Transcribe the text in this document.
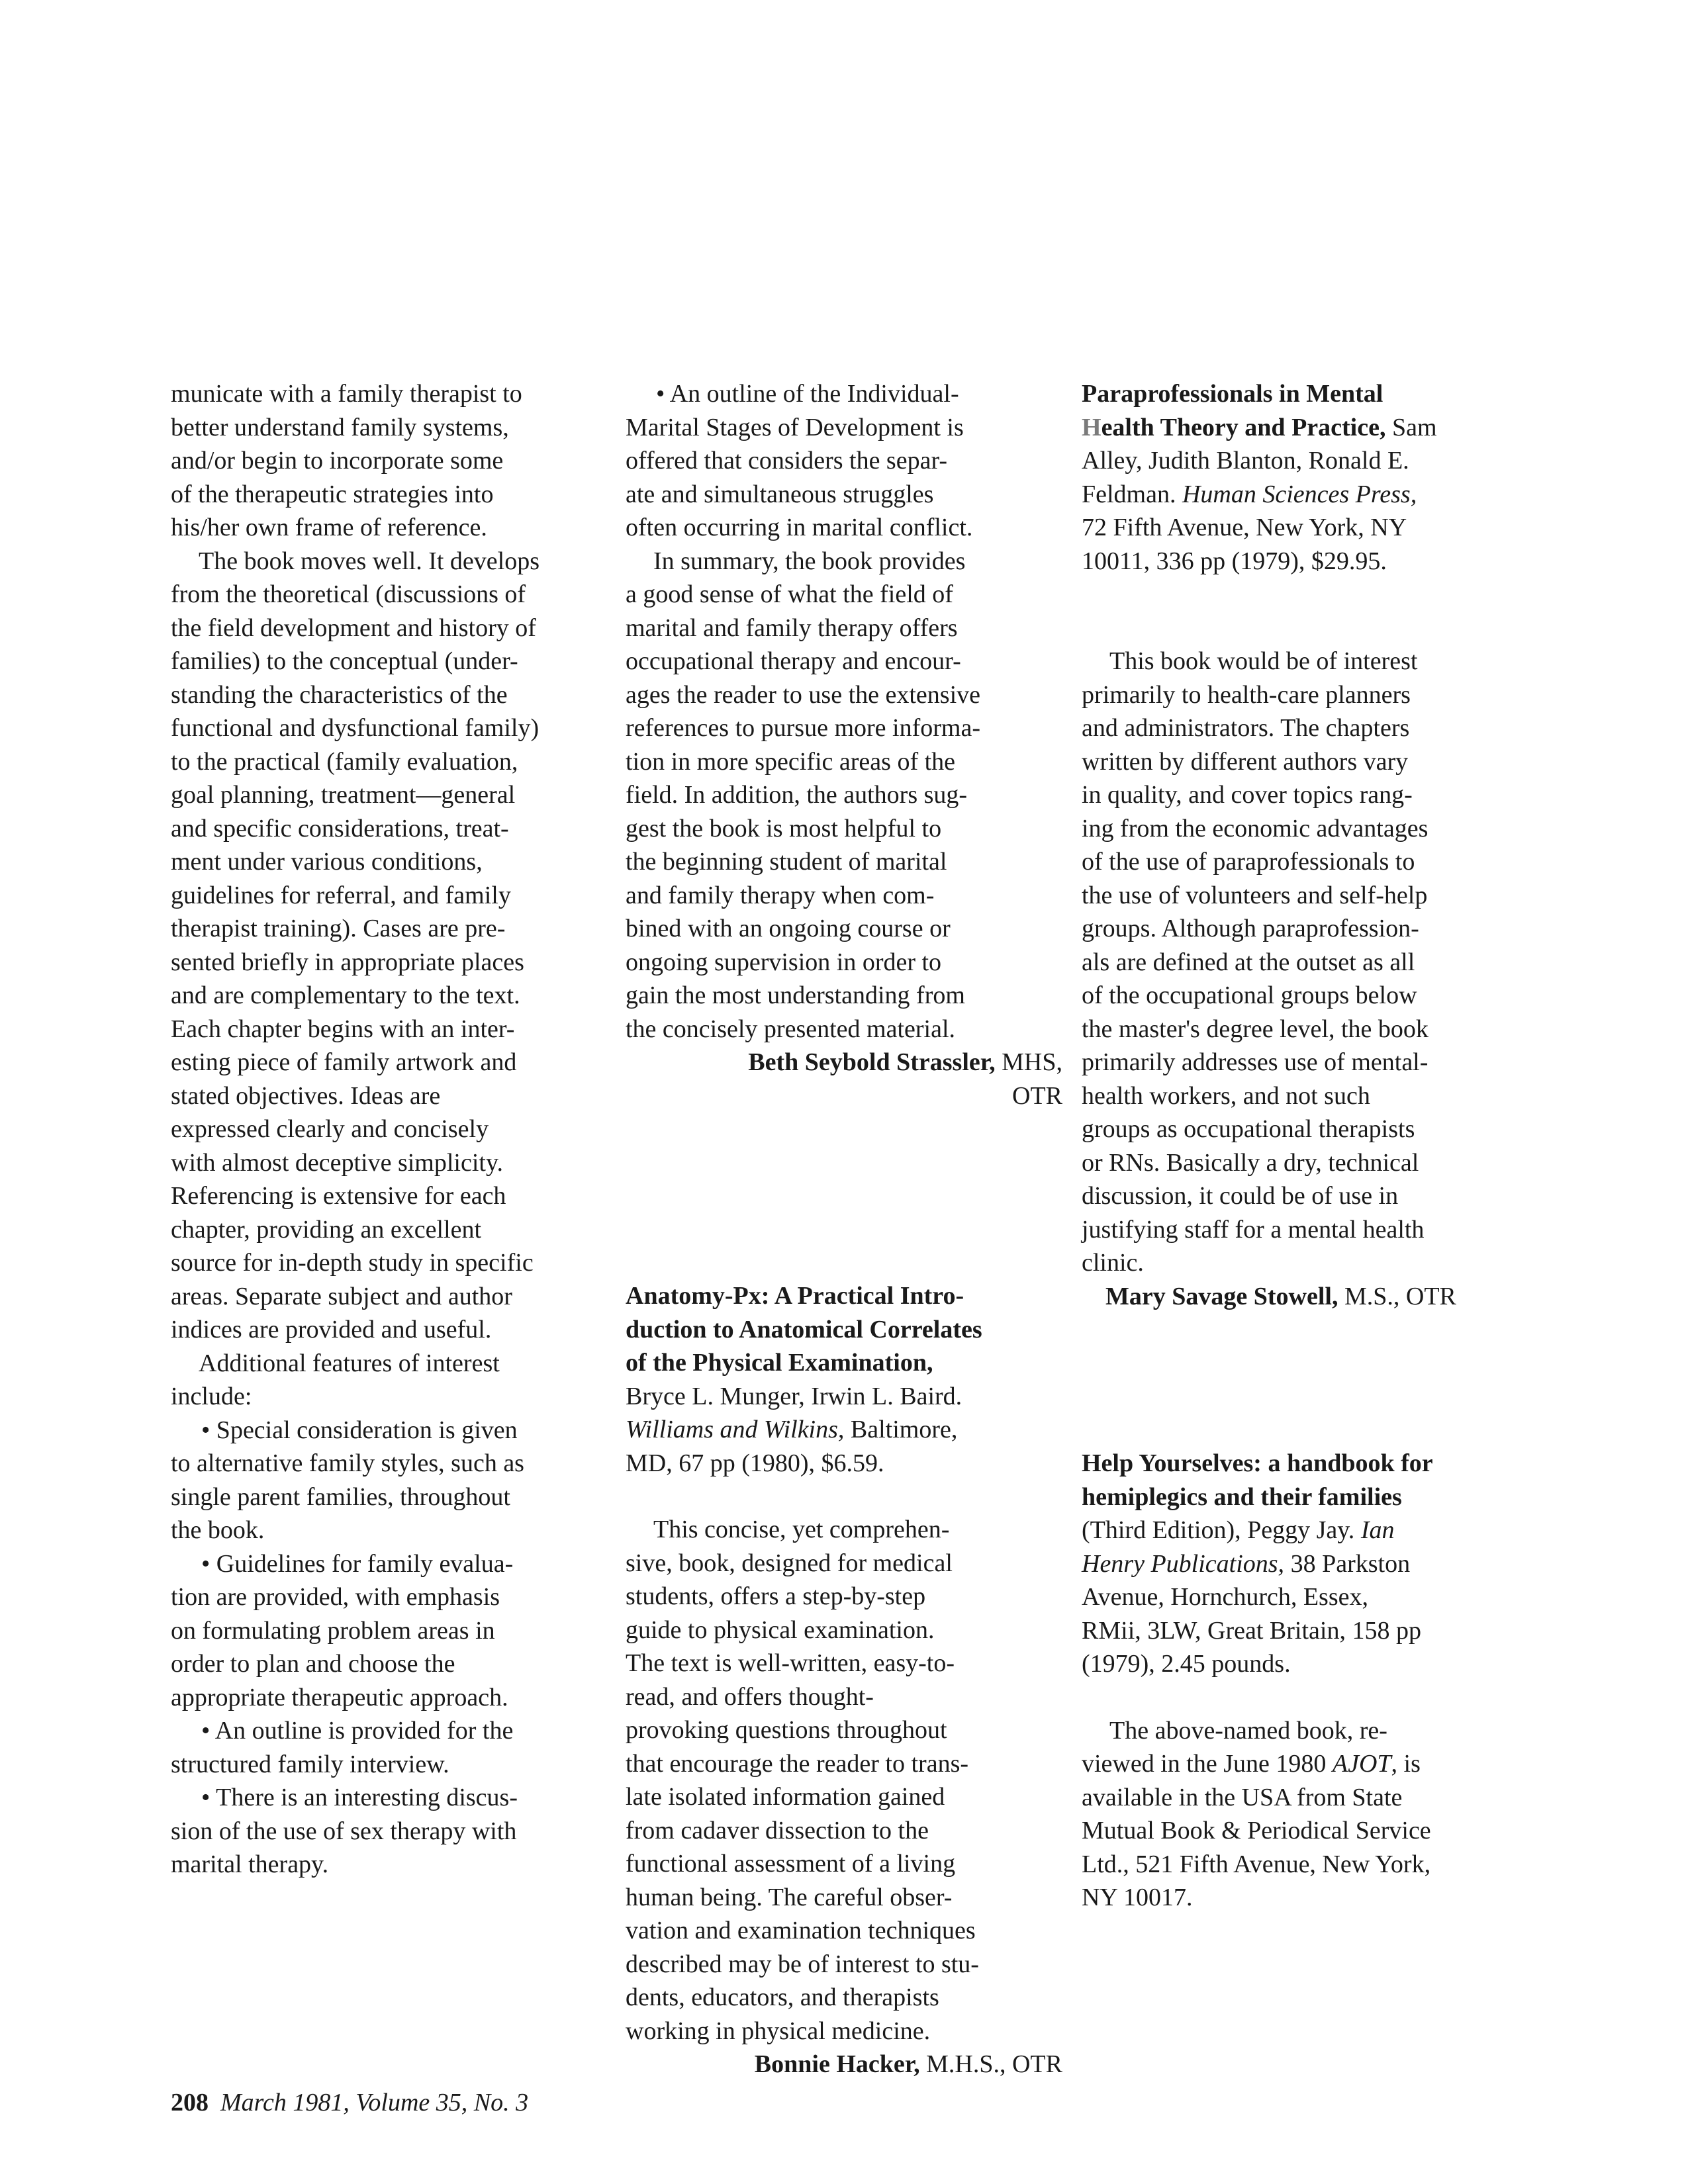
municate with a family therapist to
better understand family systems,
and/or begin to incorporate some
of the therapeutic strategies into
his/her own frame of reference.

The book moves well. It develops
from the theoretical (discussions of
the field development and history of
families) to the conceptual (under-
standing the characteristics of the
functional and dysfunctional family)
to the practical (family evaluation,
goal planning, treatment—general
and specific considerations, treat-
ment under various conditions,
guidelines for referral, and family
therapist training). Cases are pre-
sented briefly in appropriate places
and are complementary to the text.
Each chapter begins with an inter-
esting piece of family artwork and
stated objectives. Ideas are
expressed clearly and concisely
with almost deceptive simplicity.
Referencing is extensive for each
chapter, providing an excellent
source for in-depth study in specific
areas. Separate subject and author
indices are provided and useful.

Additional features of interest
include:

• Special consideration is given
to alternative family styles, such as
single parent families, throughout
the book.

• Guidelines for family evalua-
tion are provided, with emphasis
on formulating problem areas in
order to plan and choose the
appropriate therapeutic approach.

• An outline is provided for the
structured family interview.

• There is an interesting discus-
sion of the use of sex therapy with
marital therapy.

• An outline of the Individual-
Marital Stages of Development is
offered that considers the separ-
ate and simultaneous struggles
often occurring in marital conflict.

In summary, the book provides
a good sense of what the field of
marital and family therapy offers
occupational therapy and encour-
ages the reader to use the extensive
references to pursue more informa-
tion in more specific areas of the
field. In addition, the authors sug-
gest the book is most helpful to
the beginning student of marital
and family therapy when com-
bined with an ongoing course or
ongoing supervision in order to
gain the most understanding from
the concisely presented material.

Beth Seybold Strassler, MHS,
OTR

Anatomy-Px: A Practical Intro-
duction to Anatomical Correlates
of the Physical Examination,
Bryce L. Munger, Irwin L. Baird.
Williams and Wilkins, Baltimore,
MD, 67 pp (1980), $6.59.

This concise, yet comprehen-
sive, book, designed for medical
students, offers a step-by-step
guide to physical examination.
The text is well-written, easy-to-
read, and offers thought-
provoking questions throughout
that encourage the reader to trans-
late isolated information gained
from cadaver dissection to the
functional assessment of a living
human being. The careful obser-
vation and examination techniques
described may be of interest to stu-
dents, educators, and therapists
working in physical medicine.

Bonnie Hacker, M.H.S., OTR

Paraprofessionals in Mental
Health Theory and Practice, Sam
Alley, Judith Blanton, Ronald E.
Feldman. Human Sciences Press,
72 Fifth Avenue, New York, NY
10011, 336 pp (1979), $29.95.

This book would be of interest
primarily to health-care planners
and administrators. The chapters
written by different authors vary
in quality, and cover topics rang-
ing from the economic advantages
of the use of paraprofessionals to
the use of volunteers and self-help
groups. Although paraprofession-
als are defined at the outset as all
of the occupational groups below
the master's degree level, the book
primarily addresses use of mental-
health workers, and not such
groups as occupational therapists
or RNs. Basically a dry, technical
discussion, it could be of use in
justifying staff for a mental health
clinic.

Mary Savage Stowell, M.S., OTR

Help Yourselves: a handbook for
hemiplegics and their families
(Third Edition), Peggy Jay. Ian
Henry Publications, 38 Parkston
Avenue, Hornchurch, Essex,
RMii, 3LW, Great Britain, 158 pp
(1979), 2.45 pounds.

The above-named book, re-
viewed in the June 1980 AJOT, is
available in the USA from State
Mutual Book & Periodical Service
Ltd., 521 Fifth Avenue, New York,
NY 10017.

208 March 1981, Volume 35, No. 3
